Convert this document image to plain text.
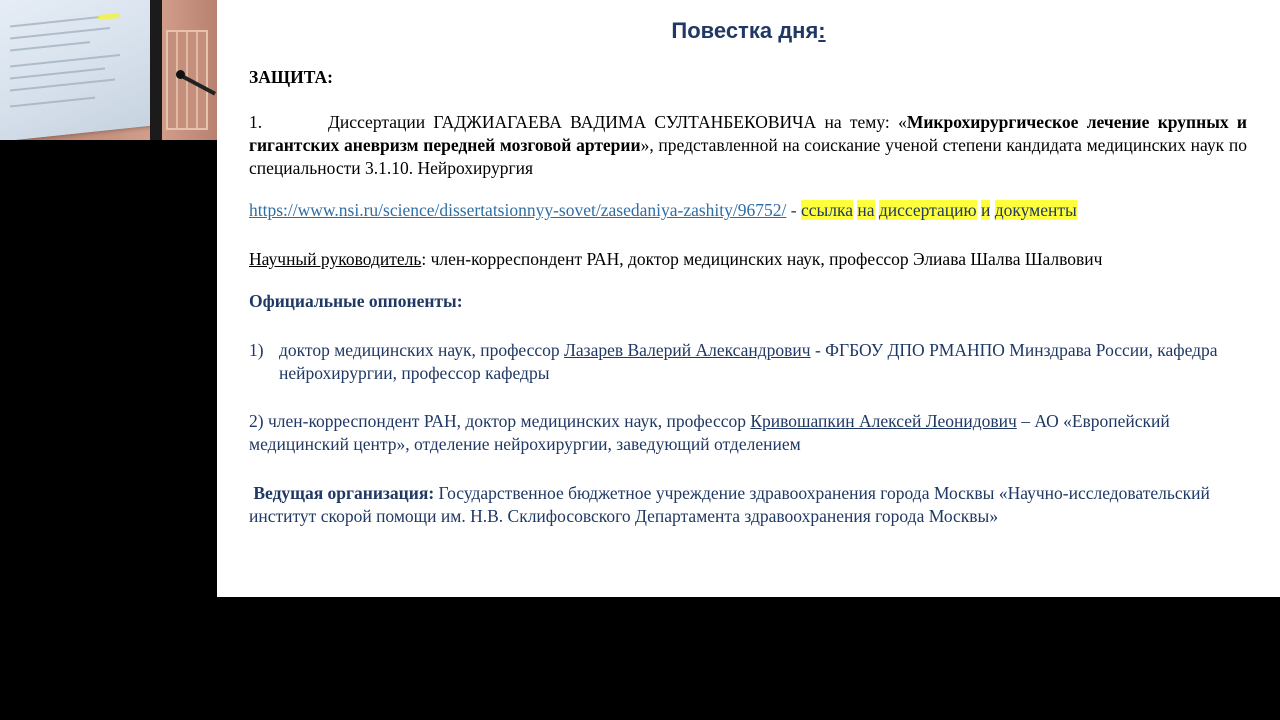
Повестка дня:

ЗАЩИТА:

1.	Диссертации ГАДЖИАГАЕВА ВАДИМА СУЛТАНБЕКОВИЧА на тему: «Микрохирургическое лечение крупных и гигантских аневризм передней мозговой артерии», представленной на соискание ученой степени кандидата медицинских наук по специальности 3.1.10. Нейрохирургия

https://www.nsi.ru/science/dissertatsionnyy-sovet/zasedaniya-zashity/96752/ - ссылка на диссертацию и документы

Научный руководитель: член-корреспондент РАН, доктор медицинских наук, профессор Элиава Шалва Шалвович

Официальные оппоненты:

1) доктор медицинских наук, профессор Лазарев Валерий Александрович - ФГБОУ ДПО РМАНПО Минздрава России, кафедра нейрохирургии, профессор кафедры

2) член-корреспондент РАН, доктор медицинских наук, профессор Кривошапкин Алексей Леонидович – АО «Европейский медицинский центр», отделение нейрохирургии, заведующий отделением

Ведущая организация: Государственное бюджетное учреждение здравоохранения города Москвы «Научно-исследовательский институт скорой помощи им. Н.В. Склифосовского Департамента здравоохранения города Москвы»
